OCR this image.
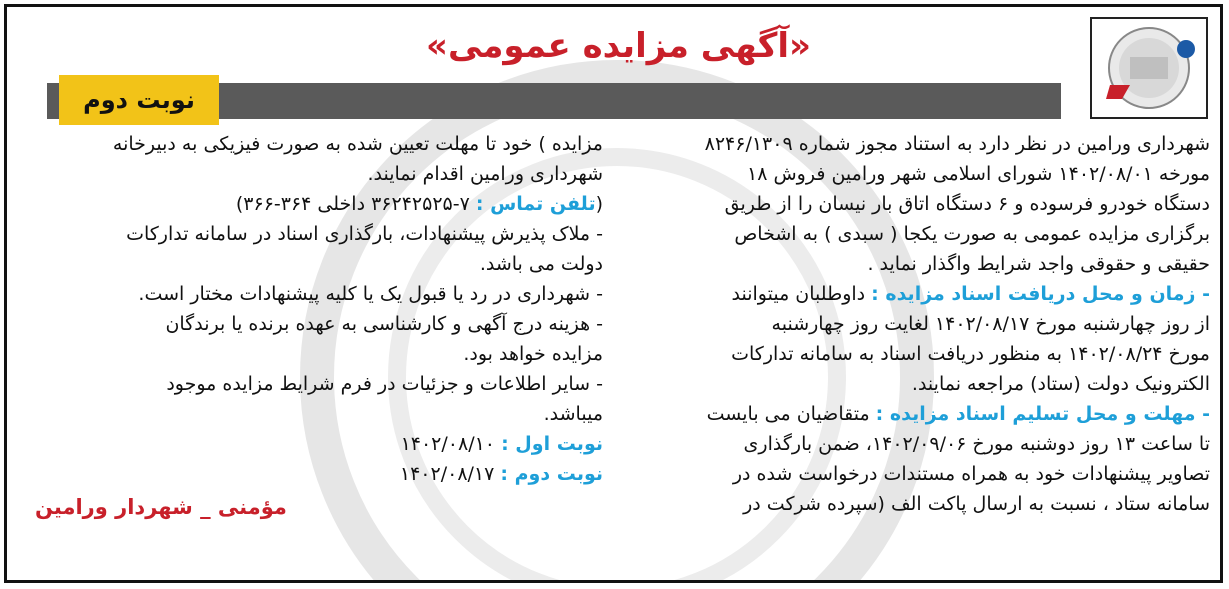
«آگهی مزایده عمومی»
نوبت دوم
شهرداری ورامین در نظر دارد به استناد مجوز شماره ۸۲۴۶/۱۳۰۹
مورخه ۱۴۰۲/۰۸/۰۱ شورای اسلامی شهر ورامین فروش ۱۸
دستگاه خودرو فرسوده و ۶ دستگاه اتاق بار نیسان را از طریق
برگزاری مزایده عمومی به صورت یکجا ( سبدی ) به اشخاص
حقیقی و حقوقی واجد شرایط واگذار نماید .
- زمان و محل دریافت اسناد مزایده : داوطلبان میتوانند
از روز چهارشنبه مورخ ۱۴۰۲/۰۸/۱۷ لغایت روز چهارشنبه
مورخ ۱۴۰۲/۰۸/۲۴ به منظور دریافت اسناد به سامانه تدارکات
الکترونیک دولت (ستاد) مراجعه نمایند.
- مهلت و محل تسلیم اسناد مزایده : متقاضیان می بایست
تا ساعت ۱۳ روز دوشنبه مورخ ۱۴۰۲/۰۹/۰۶، ضمن بارگذاری
تصاویر پیشنهادات خود به همراه مستندات درخواست شده در
سامانه ستاد ، نسبت به ارسال پاکت الف (سپرده شرکت در
مزایده ) خود تا مهلت تعیین شده به صورت فیزیکی به دبیرخانه
شهرداری ورامین اقدام نمایند.
(تلفن تماس : ۷-۳۶۲۴۲۵۲۵ داخلی ۳۶۴-۳۶۶)
- ملاک پذیرش پیشنهادات، بارگذاری اسناد در سامانه تدارکات
دولت می باشد.
- شهرداری در رد یا قبول یک یا کلیه پیشنهادات مختار است.
- هزینه درج آگهی و کارشناسی به عهده برنده یا برندگان
مزایده خواهد بود.
- سایر اطلاعات و جزئیات در فرم شرایط مزایده موجود
میباشد.
نوبت اول : ۱۴۰۲/۰۸/۱۰
نوبت دوم : ۱۴۰۲/۰۸/۱۷
مؤمنی _ شهردار ورامین
